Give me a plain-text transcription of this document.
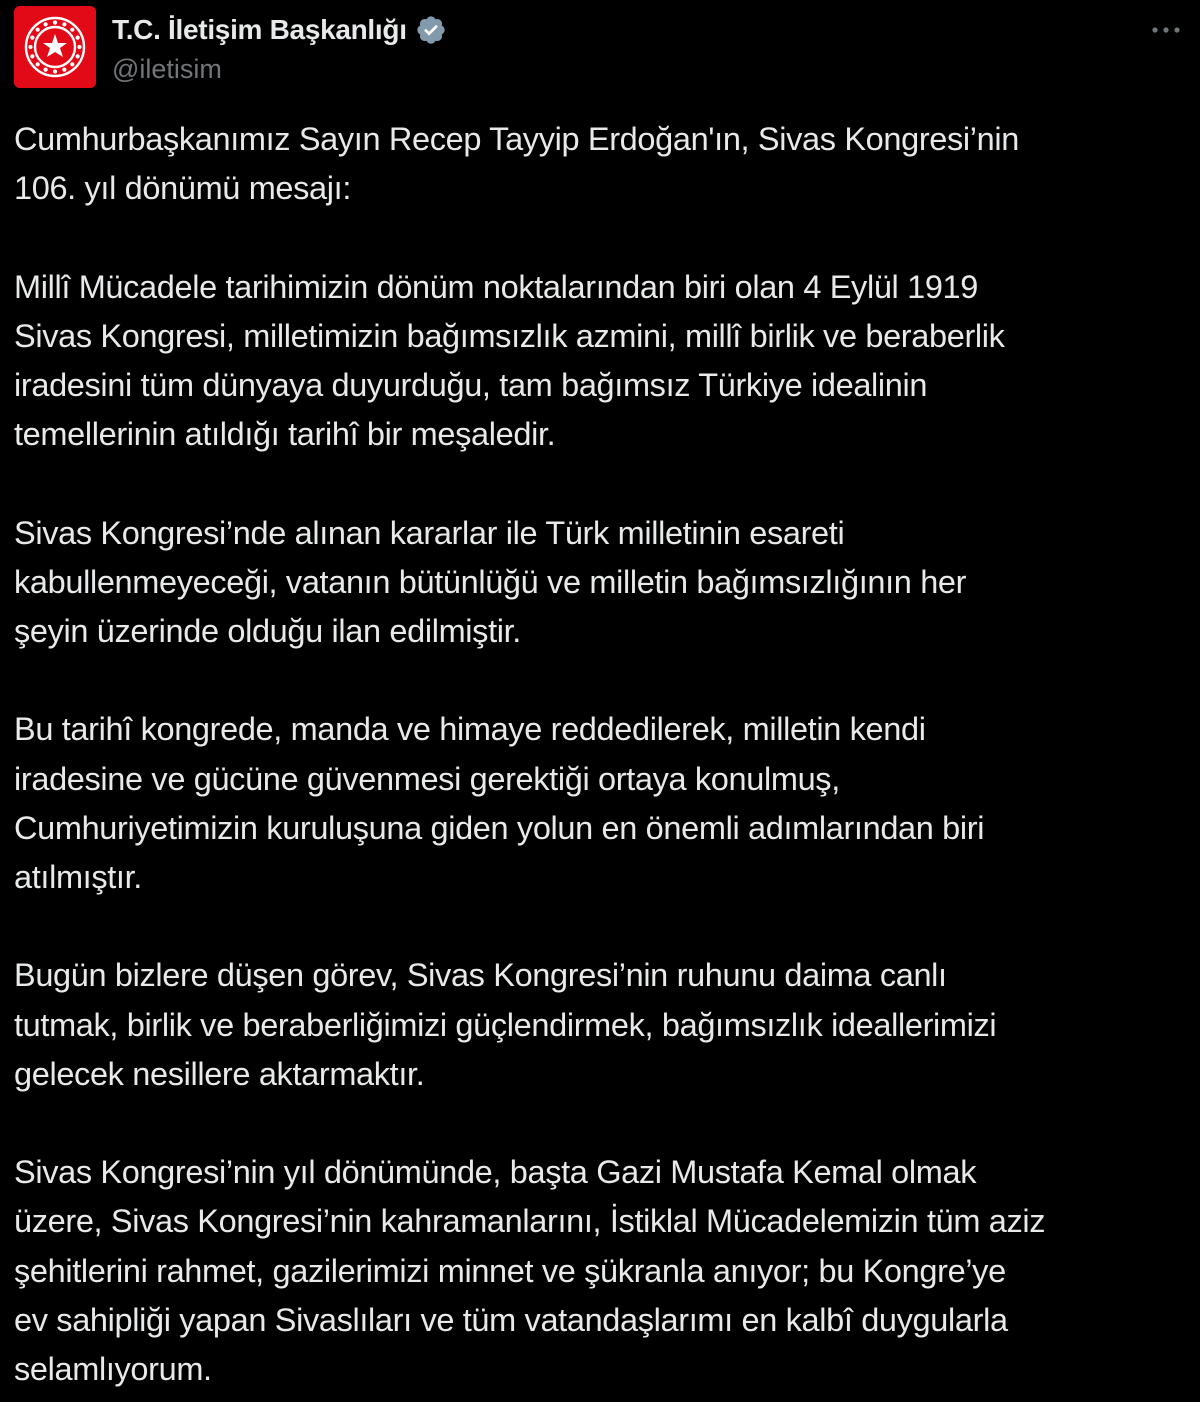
T.C. İletişim Başkanlığı
@iletisim

Cumhurbaşkanımız Sayın Recep Tayyip Erdoğan'ın, Sivas Kongresi’nin
106. yıl dönümü mesajı:

Millî Mücadele tarihimizin dönüm noktalarından biri olan 4 Eylül 1919
Sivas Kongresi, milletimizin bağımsızlık azmini, millî birlik ve beraberlik
iradesini tüm dünyaya duyurduğu, tam bağımsız Türkiye idealinin
temellerinin atıldığı tarihî bir meşaledir.

Sivas Kongresi’nde alınan kararlar ile Türk milletinin esareti
kabullenmeyeceği, vatanın bütünlüğü ve milletin bağımsızlığının her
şeyin üzerinde olduğu ilan edilmiştir.

Bu tarihî kongrede, manda ve himaye reddedilerek, milletin kendi
iradesine ve gücüne güvenmesi gerektiği ortaya konulmuş,
Cumhuriyetimizin kuruluşuna giden yolun en önemli adımlarından biri
atılmıştır.

Bugün bizlere düşen görev, Sivas Kongresi’nin ruhunu daima canlı
tutmak, birlik ve beraberliğimizi güçlendirmek, bağımsızlık ideallerimizi
gelecek nesillere aktarmaktır.

Sivas Kongresi’nin yıl dönümünde, başta Gazi Mustafa Kemal olmak
üzere, Sivas Kongresi’nin kahramanlarını, İstiklal Mücadelemizin tüm aziz
şehitlerini rahmet, gazilerimizi minnet ve şükranla anıyor; bu Kongre’ye
ev sahipliği yapan Sivaslıları ve tüm vatandaşlarımı en kalbî duygularla
selamlıyorum.
